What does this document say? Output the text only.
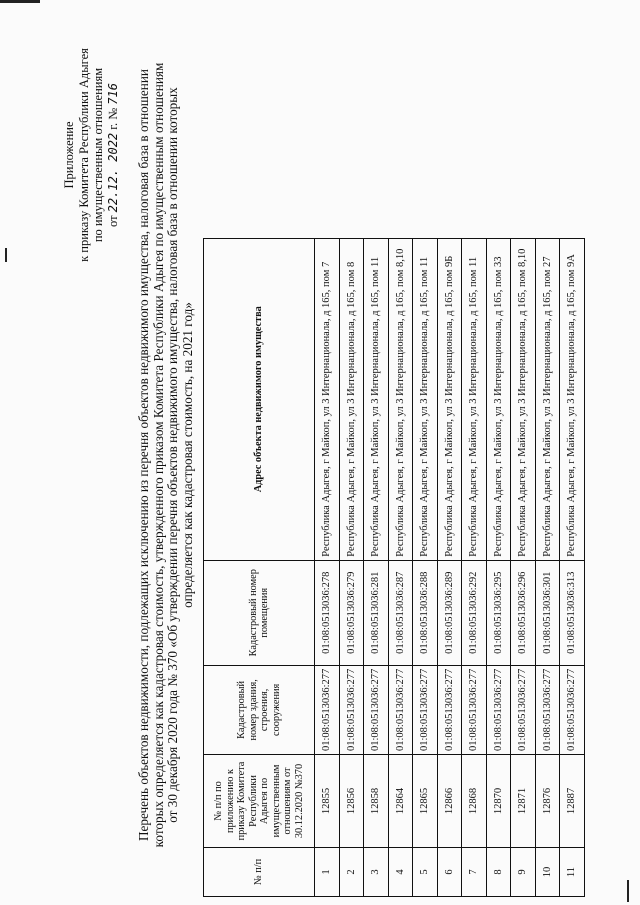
Приложение к приказу Комитета Республики Адыгея по имущественным отношениям от 22.12. 2022 г. № 716 Перечень объектов недвижимости, подлежащих исключению из перечня объектов недвижимого имущества, налоговая база в отношении которых определяется как кадастровая стоимость, утвержденного приказом Комитета Республики Адыгея по имущественным отношениям от 30 декабря 2020 года № 370 «Об утверждении перечня объектов недвижимого имущества, налоговая база в отношении которых определяется как кадастровая стоимость, на 2021 год»
№ п/п	№ п/п по приложению к приказу Комитета Республики Адыгея по имущественным отношениям от 30.12.2020 №370	Кадастровый номер здания, строения, сооружения	Кадастровый номер помещения	Адрес объекта недвижимого имущества
1	12855	01:08:0513036:277	01:08:0513036:278	Республика Адыгея, г Майкоп, ул 3 Интернационала, д 165, пом 7
2	12856	01:08:0513036:277	01:08:0513036:279	Республика Адыгея, г Майкоп, ул 3 Интернационала, д 165, пом 8
3	12858	01:08:0513036:277	01:08:0513036:281	Республика Адыгея, г Майкоп, ул 3 Интернационала, д 165, пом 11
4	12864	01:08:0513036:277	01:08:0513036:287	Республика Адыгея, г Майкоп, ул 3 Интернационала, д 165, пом 8,10
5	12865	01:08:0513036:277	01:08:0513036:288	Республика Адыгея, г Майкоп, ул 3 Интернационала, д 165, пом 11
6	12866	01:08:0513036:277	01:08:0513036:289	Республика Адыгея, г Майкоп, ул 3 Интернационала, д 165, пом 9Б
7	12868	01:08:0513036:277	01:08:0513036:292	Республика Адыгея, г Майкоп, ул 3 Интернационала, д 165, пом 11
8	12870	01:08:0513036:277	01:08:0513036:295	Республика Адыгея, г Майкоп, ул 3 Интернационала, д 165, пом 33
9	12871	01:08:0513036:277	01:08:0513036:296	Республика Адыгея, г Майкоп, ул 3 Интернационала, д 165, пом 8,10
10	12876	01:08:0513036:277	01:08:0513036:301	Республика Адыгея, г Майкоп, ул 3 Интернационала, д 165, пом 27
11	12887	01:08:0513036:277	01:08:0513036:313	Республика Адыгея, г Майкоп, ул 3 Интернационала, д 165, пом 9А
